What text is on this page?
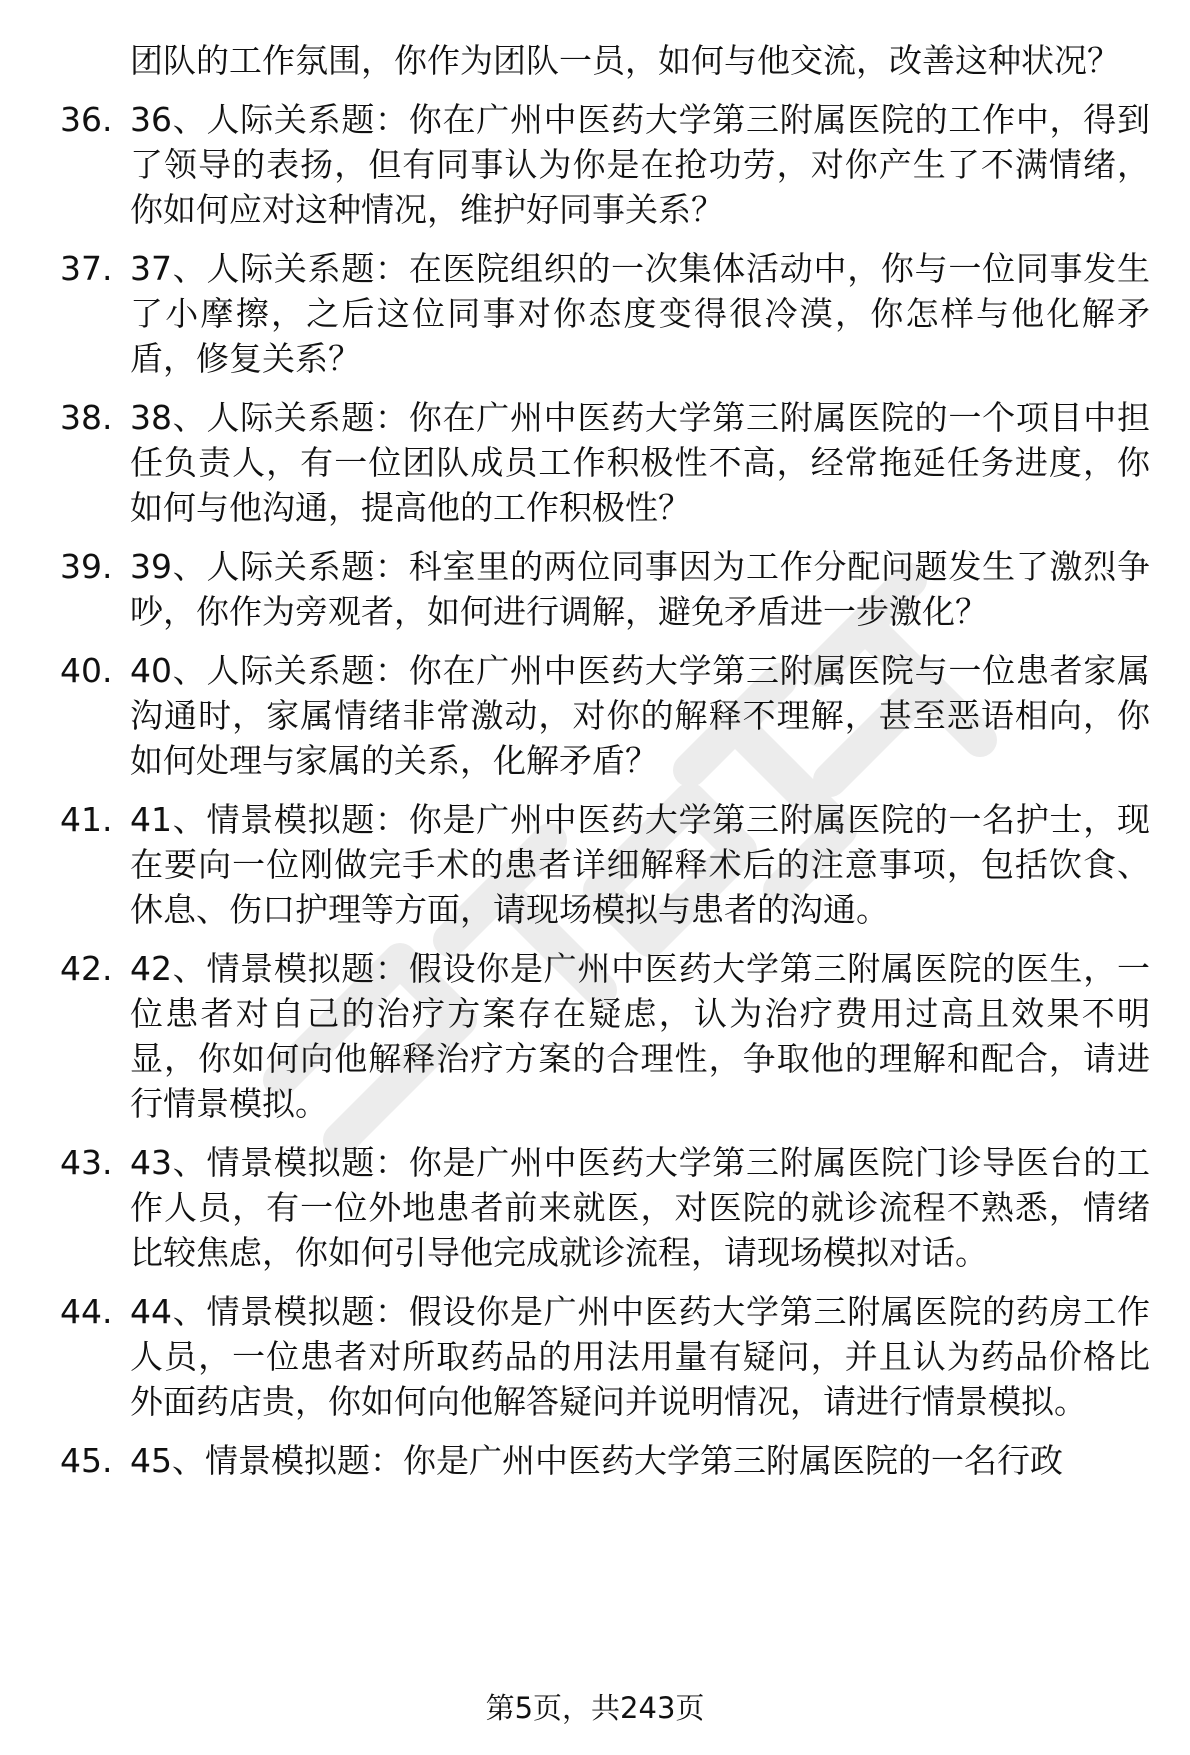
团队的工作氛围，你作为团队一员，如何与他交流，改善这种状况？

36. 36、人际关系题：你在广州中医药大学第三附属医院的工作中，得到了领导的表扬，但有同事认为你是在抢功劳，对你产生了不满情绪，你如何应对这种情况，维护好同事关系？
37. 37、人际关系题：在医院组织的一次集体活动中，你与一位同事发生了小摩擦，之后这位同事对你态度变得很冷漠，你怎样与他化解矛盾，修复关系？
38. 38、人际关系题：你在广州中医药大学第三附属医院的一个项目中担任负责人，有一位团队成员工作积极性不高，经常拖延任务进度，你如何与他沟通，提高他的工作积极性？
39. 39、人际关系题：科室里的两位同事因为工作分配问题发生了激烈争吵，你作为旁观者，如何进行调解，避免矛盾进一步激化？
40. 40、人际关系题：你在广州中医药大学第三附属医院与一位患者家属沟通时，家属情绪非常激动，对你的解释不理解，甚至恶语相向，你如何处理与家属的关系，化解矛盾？
41. 41、情景模拟题：你是广州中医药大学第三附属医院的一名护士，现在要向一位刚做完手术的患者详细解释术后的注意事项，包括饮食、休息、伤口护理等方面，请现场模拟与患者的沟通。
42. 42、情景模拟题：假设你是广州中医药大学第三附属医院的医生，一位患者对自己的治疗方案存在疑虑，认为治疗费用过高且效果不明显，你如何向他解释治疗方案的合理性，争取他的理解和配合，请进行情景模拟。
43. 43、情景模拟题：你是广州中医药大学第三附属医院门诊导医台的工作人员，有一位外地患者前来就医，对医院的就诊流程不熟悉，情绪比较焦虑，你如何引导他完成就诊流程，请现场模拟对话。
44. 44、情景模拟题：假设你是广州中医药大学第三附属医院的药房工作人员，一位患者对所取药品的用法用量有疑问，并且认为药品价格比外面药店贵，你如何向他解答疑问并说明情况，请进行情景模拟。
45. 45、情景模拟题：你是广州中医药大学第三附属医院的一名行政
第5页，共243页
